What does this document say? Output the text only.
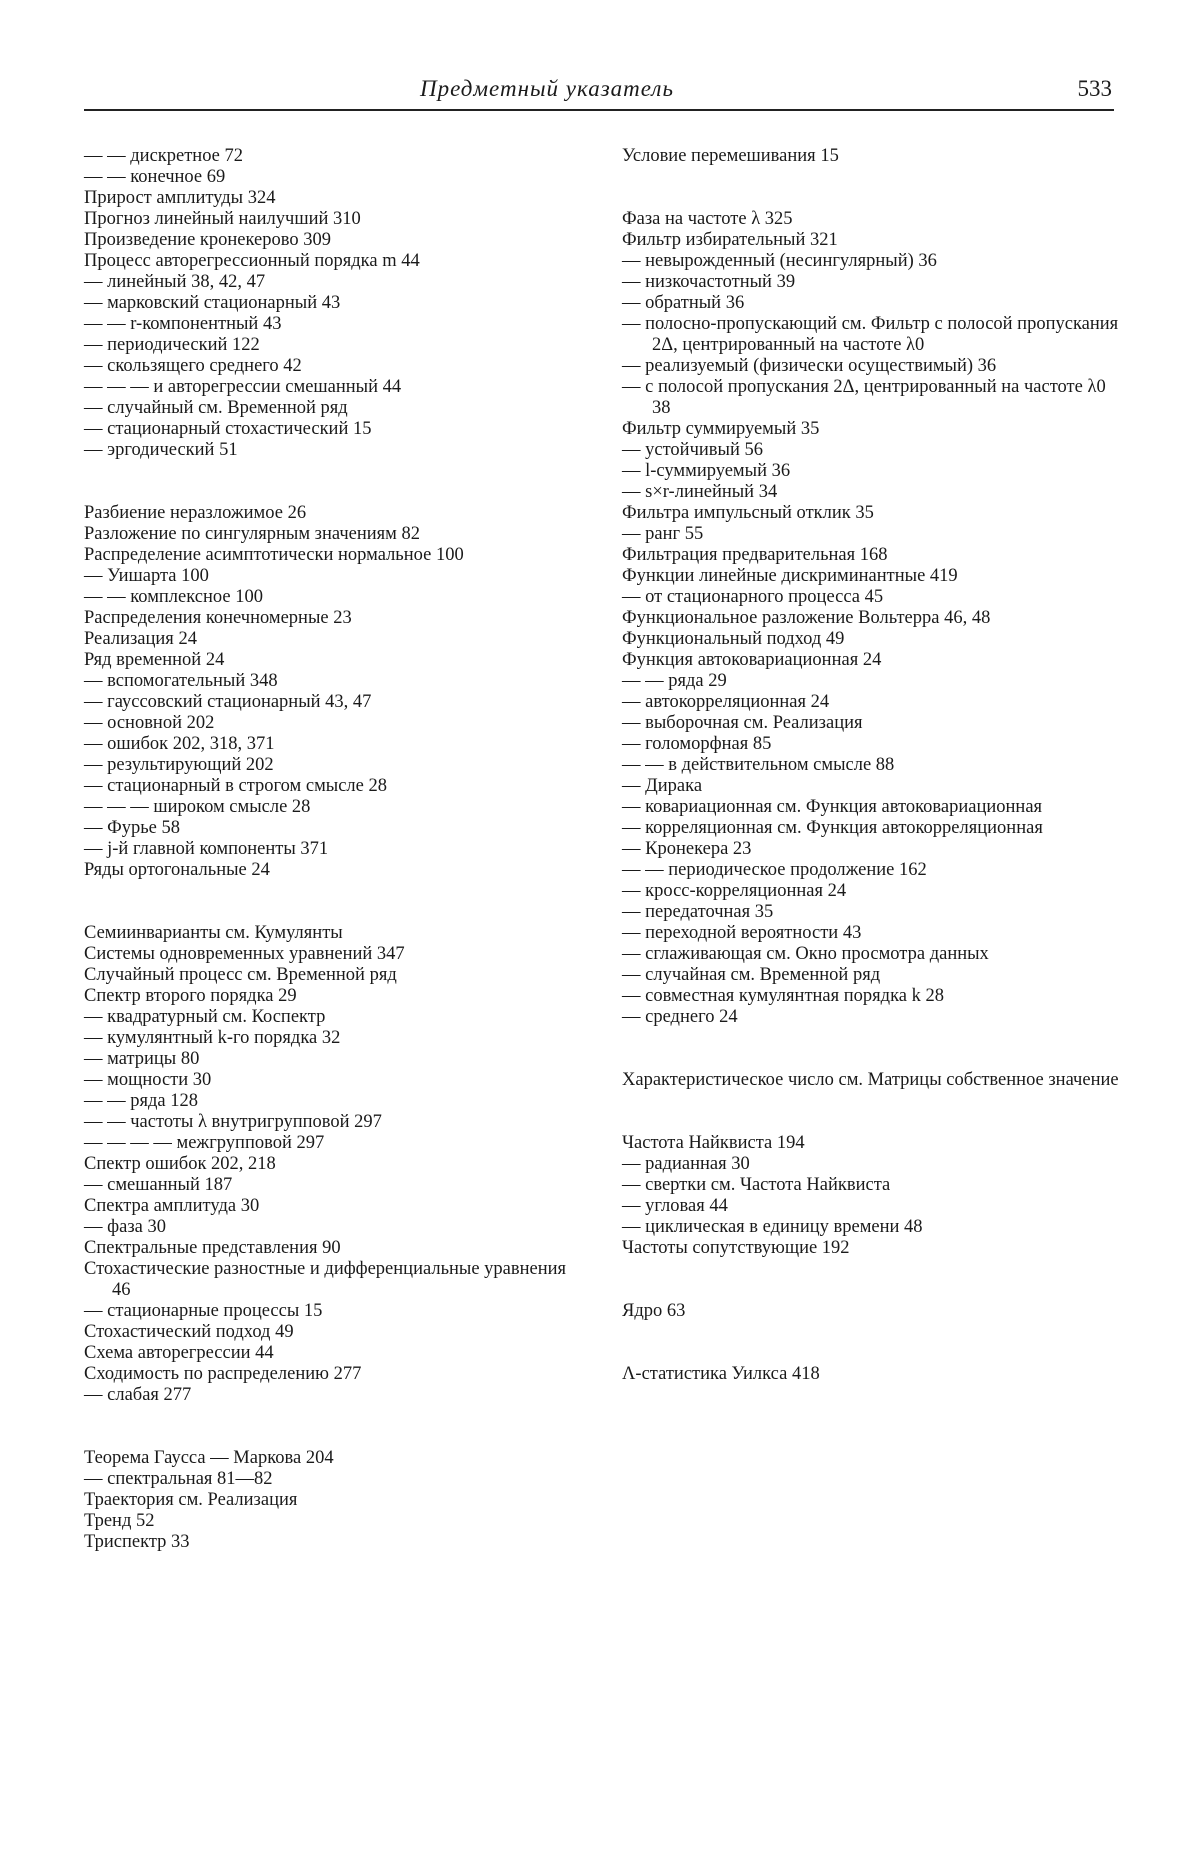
Предметный указатель	533
— — дискретное 72
— — конечное 69
Прирост амплитуды 324
Прогноз линейный наилучший 310
Произведение кронекерово 309
Процесс авторегрессионный порядка m 44
— линейный 38, 42, 47
— марковский стационарный 43
— — r-компонентный 43
— периодический 122
— скользящего среднего 42
— — — и авторегрессии смешанный 44
— случайный см. Временной ряд
— стационарный стохастический 15
— эргодический 51
Разбиение неразложимое 26
Разложение по сингулярным значениям 82
Распределение асимптотически нормальное 100
— Уишарта 100
— — комплексное 100
Распределения конечномерные 23
Реализация 24
Ряд временной 24
— вспомогательный 348
— гауссовский стационарный 43, 47
— основной 202
— ошибок 202, 318, 371
— результирующий 202
— стационарный в строгом смысле 28
— — — широком смысле 28
— Фурье 58
— j-й главной компоненты 371
Ряды ортогональные 24
Семиинварианты см. Кумулянты
Системы одновременных уравнений 347
Случайный процесс см. Временной ряд
Спектр второго порядка 29
— квадратурный см. Коспектр
— кумулянтный k-го порядка 32
— матрицы 80
— мощности 30
— — ряда 128
— — частоты λ внутригрупповой 297
— — — — межгрупповой 297
Спектр ошибок 202, 218
— смешанный 187
Спектра амплитуда 30
— фаза 30
Спектральные представления 90
Стохастические разностные и дифференциальные уравнения 46
— стационарные процессы 15
Стохастический подход 49
Схема авторегрессии 44
Сходимость по распределению 277
— слабая 277
Теорема Гаусса — Маркова 204
— спектральная 81—82
Траектория см. Реализация
Тренд 52
Триспектр 33
Условие перемешивания 15
Фаза на частоте λ 325
Фильтр избирательный 321
— невырожденный (несингулярный) 36
— низкочастотный 39
— обратный 36
— полосно-пропускающий см. Фильтр с полосой пропускания 2Δ, центрированный на частоте λ0
— реализуемый (физически осуществимый) 36
— с полосой пропускания 2Δ, центрированный на частоте λ0 38
Фильтр суммируемый 35
— устойчивый 56
— l-суммируемый 36
— s×r-линейный 34
Фильтра импульсный отклик 35
— ранг 55
Фильтрация предварительная 168
Функции линейные дискриминантные 419
— от стационарного процесса 45
Функциональное разложение Вольтерра 46, 48
Функциональный подход 49
Функция автоковариационная 24
— — ряда 29
— автокорреляционная 24
— выборочная см. Реализация
— голоморфная 85
— — в действительном смысле 88
— Дирака
— ковариационная см. Функция автоковариационная
— корреляционная см. Функция автокорреляционная
— Кронекера 23
— — периодическое продолжение 162
— кросс-корреляционная 24
— передаточная 35
— переходной вероятности 43
— сглаживающая см. Окно просмотра данных
— случайная см. Временной ряд
— совместная кумулянтная порядка k 28
— среднего 24
Характеристическое число см. Матрицы собственное значение
Частота Найквиста 194
— радианная 30
— свертки см. Частота Найквиста
— угловая 44
— циклическая в единицу времени 48
Частоты сопутствующие 192
Ядро 63
Λ-статистика Уилкса 418
